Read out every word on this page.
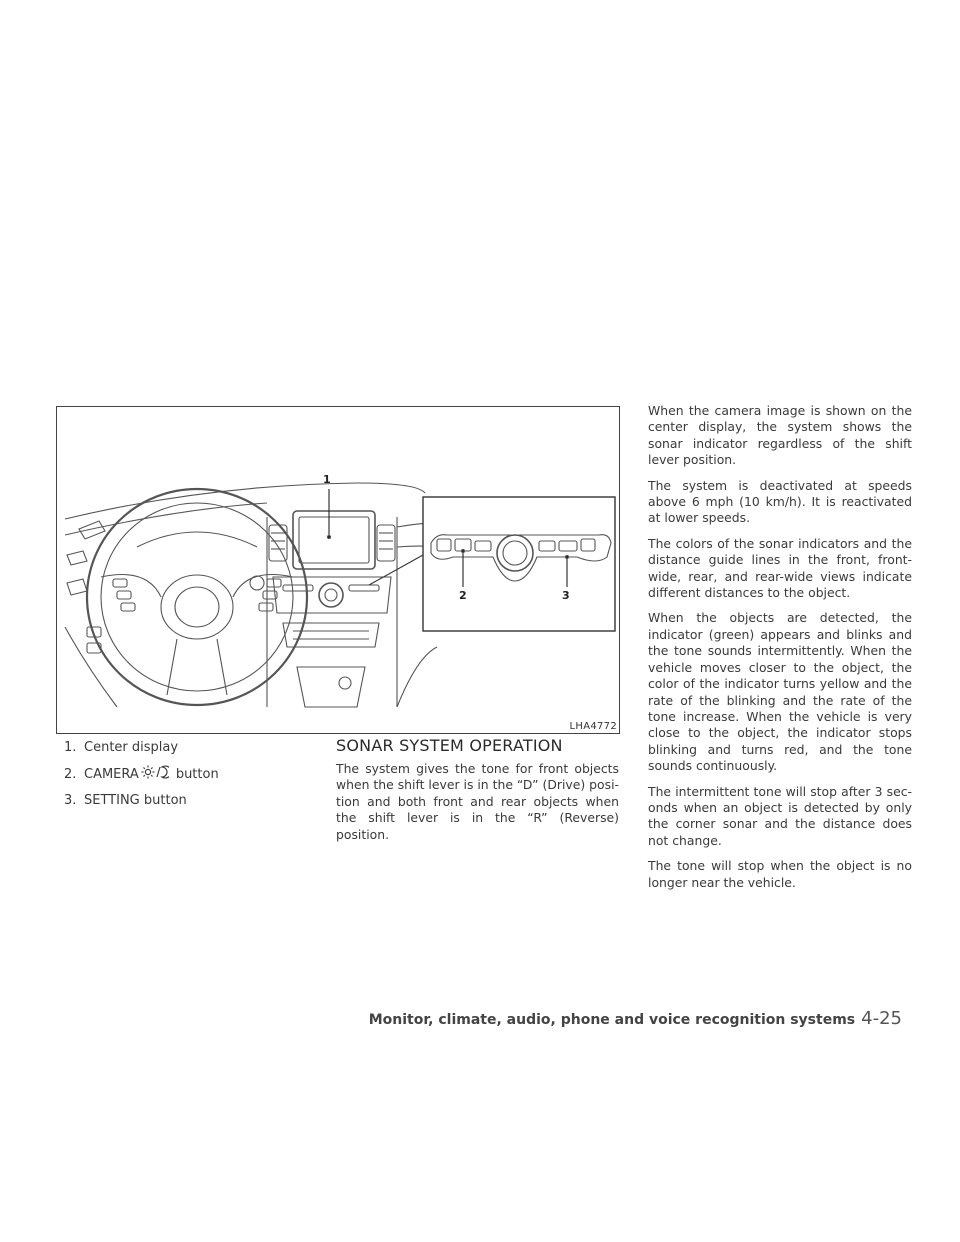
1
2	3
LHA4772
1. Center display
2. CAMERA	button
3. SETTING button
SONAR SYSTEM OPERATION

The system gives the tone for front objects when the shift lever is in the “D” (Drive) posi- tion and both front and rear objects when the shift lever is in the “R” (Reverse) position.

When the camera image is shown on the center display, the system shows the sonar indicator regardless of the shift lever position.

The system is deactivated at speeds above 6 mph (10 km/h). It is reactivated at lower speeds.

The colors of the sonar indicators and the distance guide lines in the front, front-wide, rear, and rear-wide views indicate different distances to the object.

When the objects are detected, the indicator (green) appears and blinks and the tone sounds intermittently. When the vehicle moves closer to the object, the color of the indicator turns yellow and the rate of the blinking and the rate of the tone increase. When the vehicle is very close to the object, the indicator stops blinking and turns red, and the tone sounds continuously.

The intermittent tone will stop after 3 sec- onds when an object is detected by only the corner sonar and the distance does not change.

The tone will stop when the object is no longer near the vehicle.

Monitor, climate, audio, phone and voice recognition systems 4-25
